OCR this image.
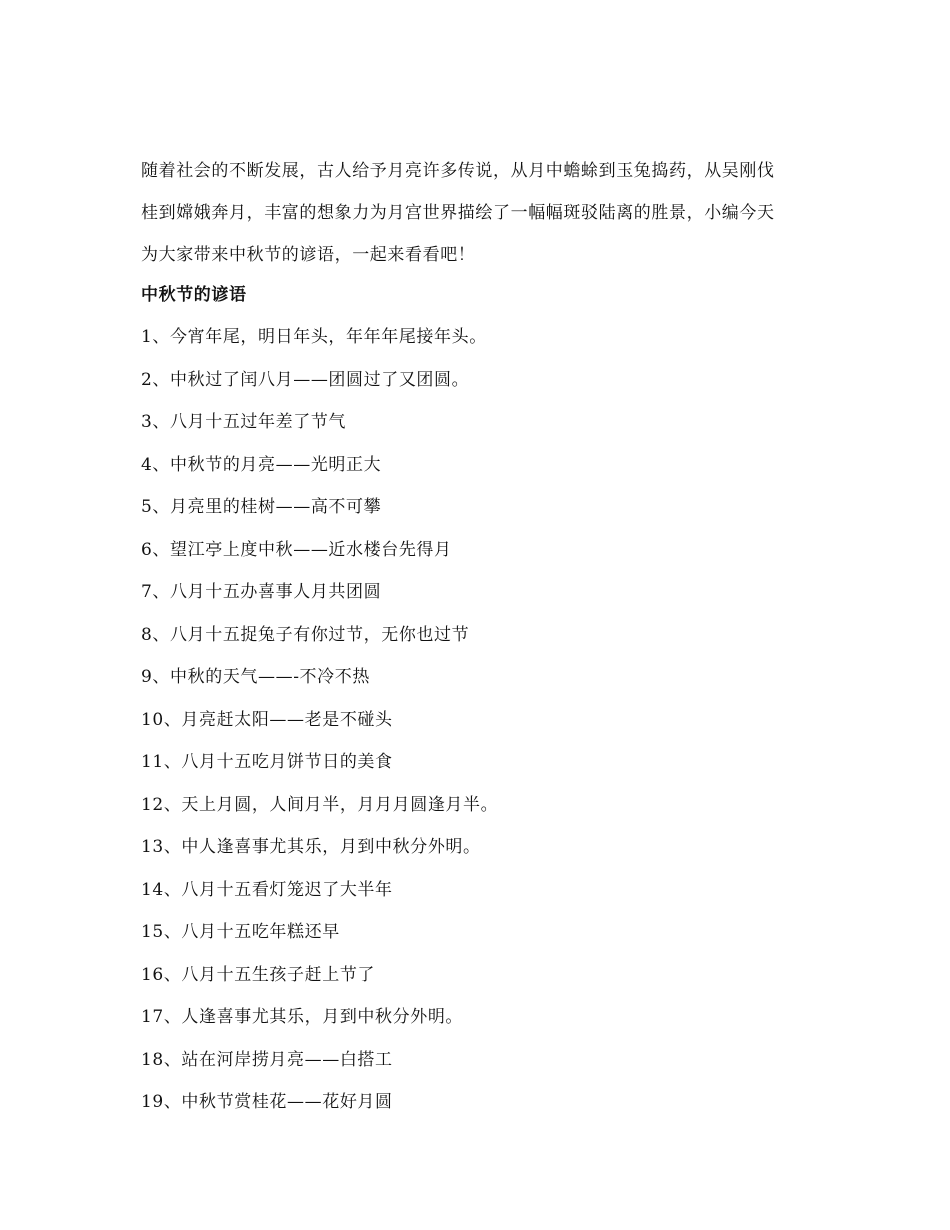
随着社会的不断发展，古人给予月亮许多传说，从月中蟾蜍到玉兔捣药，从吴刚伐
桂到嫦娥奔月，丰富的想象力为月宫世界描绘了一幅幅斑驳陆离的胜景，小编今天
为大家带来中秋节的谚语，一起来看看吧！

中秋节的谚语
1、今宵年尾，明日年头，年年年尾接年头。
2、中秋过了闰八月——团圆过了又团圆。
3、八月十五过年差了节气
4、中秋节的月亮——光明正大
5、月亮里的桂树——高不可攀
6、望江亭上度中秋——近水楼台先得月
7、八月十五办喜事人月共团圆
8、八月十五捉兔子有你过节，无你也过节
9、中秋的天气——-不冷不热
10、月亮赶太阳——老是不碰头
11、八月十五吃月饼节日的美食
12、天上月圆，人间月半，月月月圆逢月半。
13、中人逢喜事尤其乐，月到中秋分外明。
14、八月十五看灯笼迟了大半年
15、八月十五吃年糕还早
16、八月十五生孩子赶上节了
17、人逢喜事尤其乐，月到中秋分外明。
18、站在河岸捞月亮——白搭工
19、中秋节赏桂花——花好月圆
